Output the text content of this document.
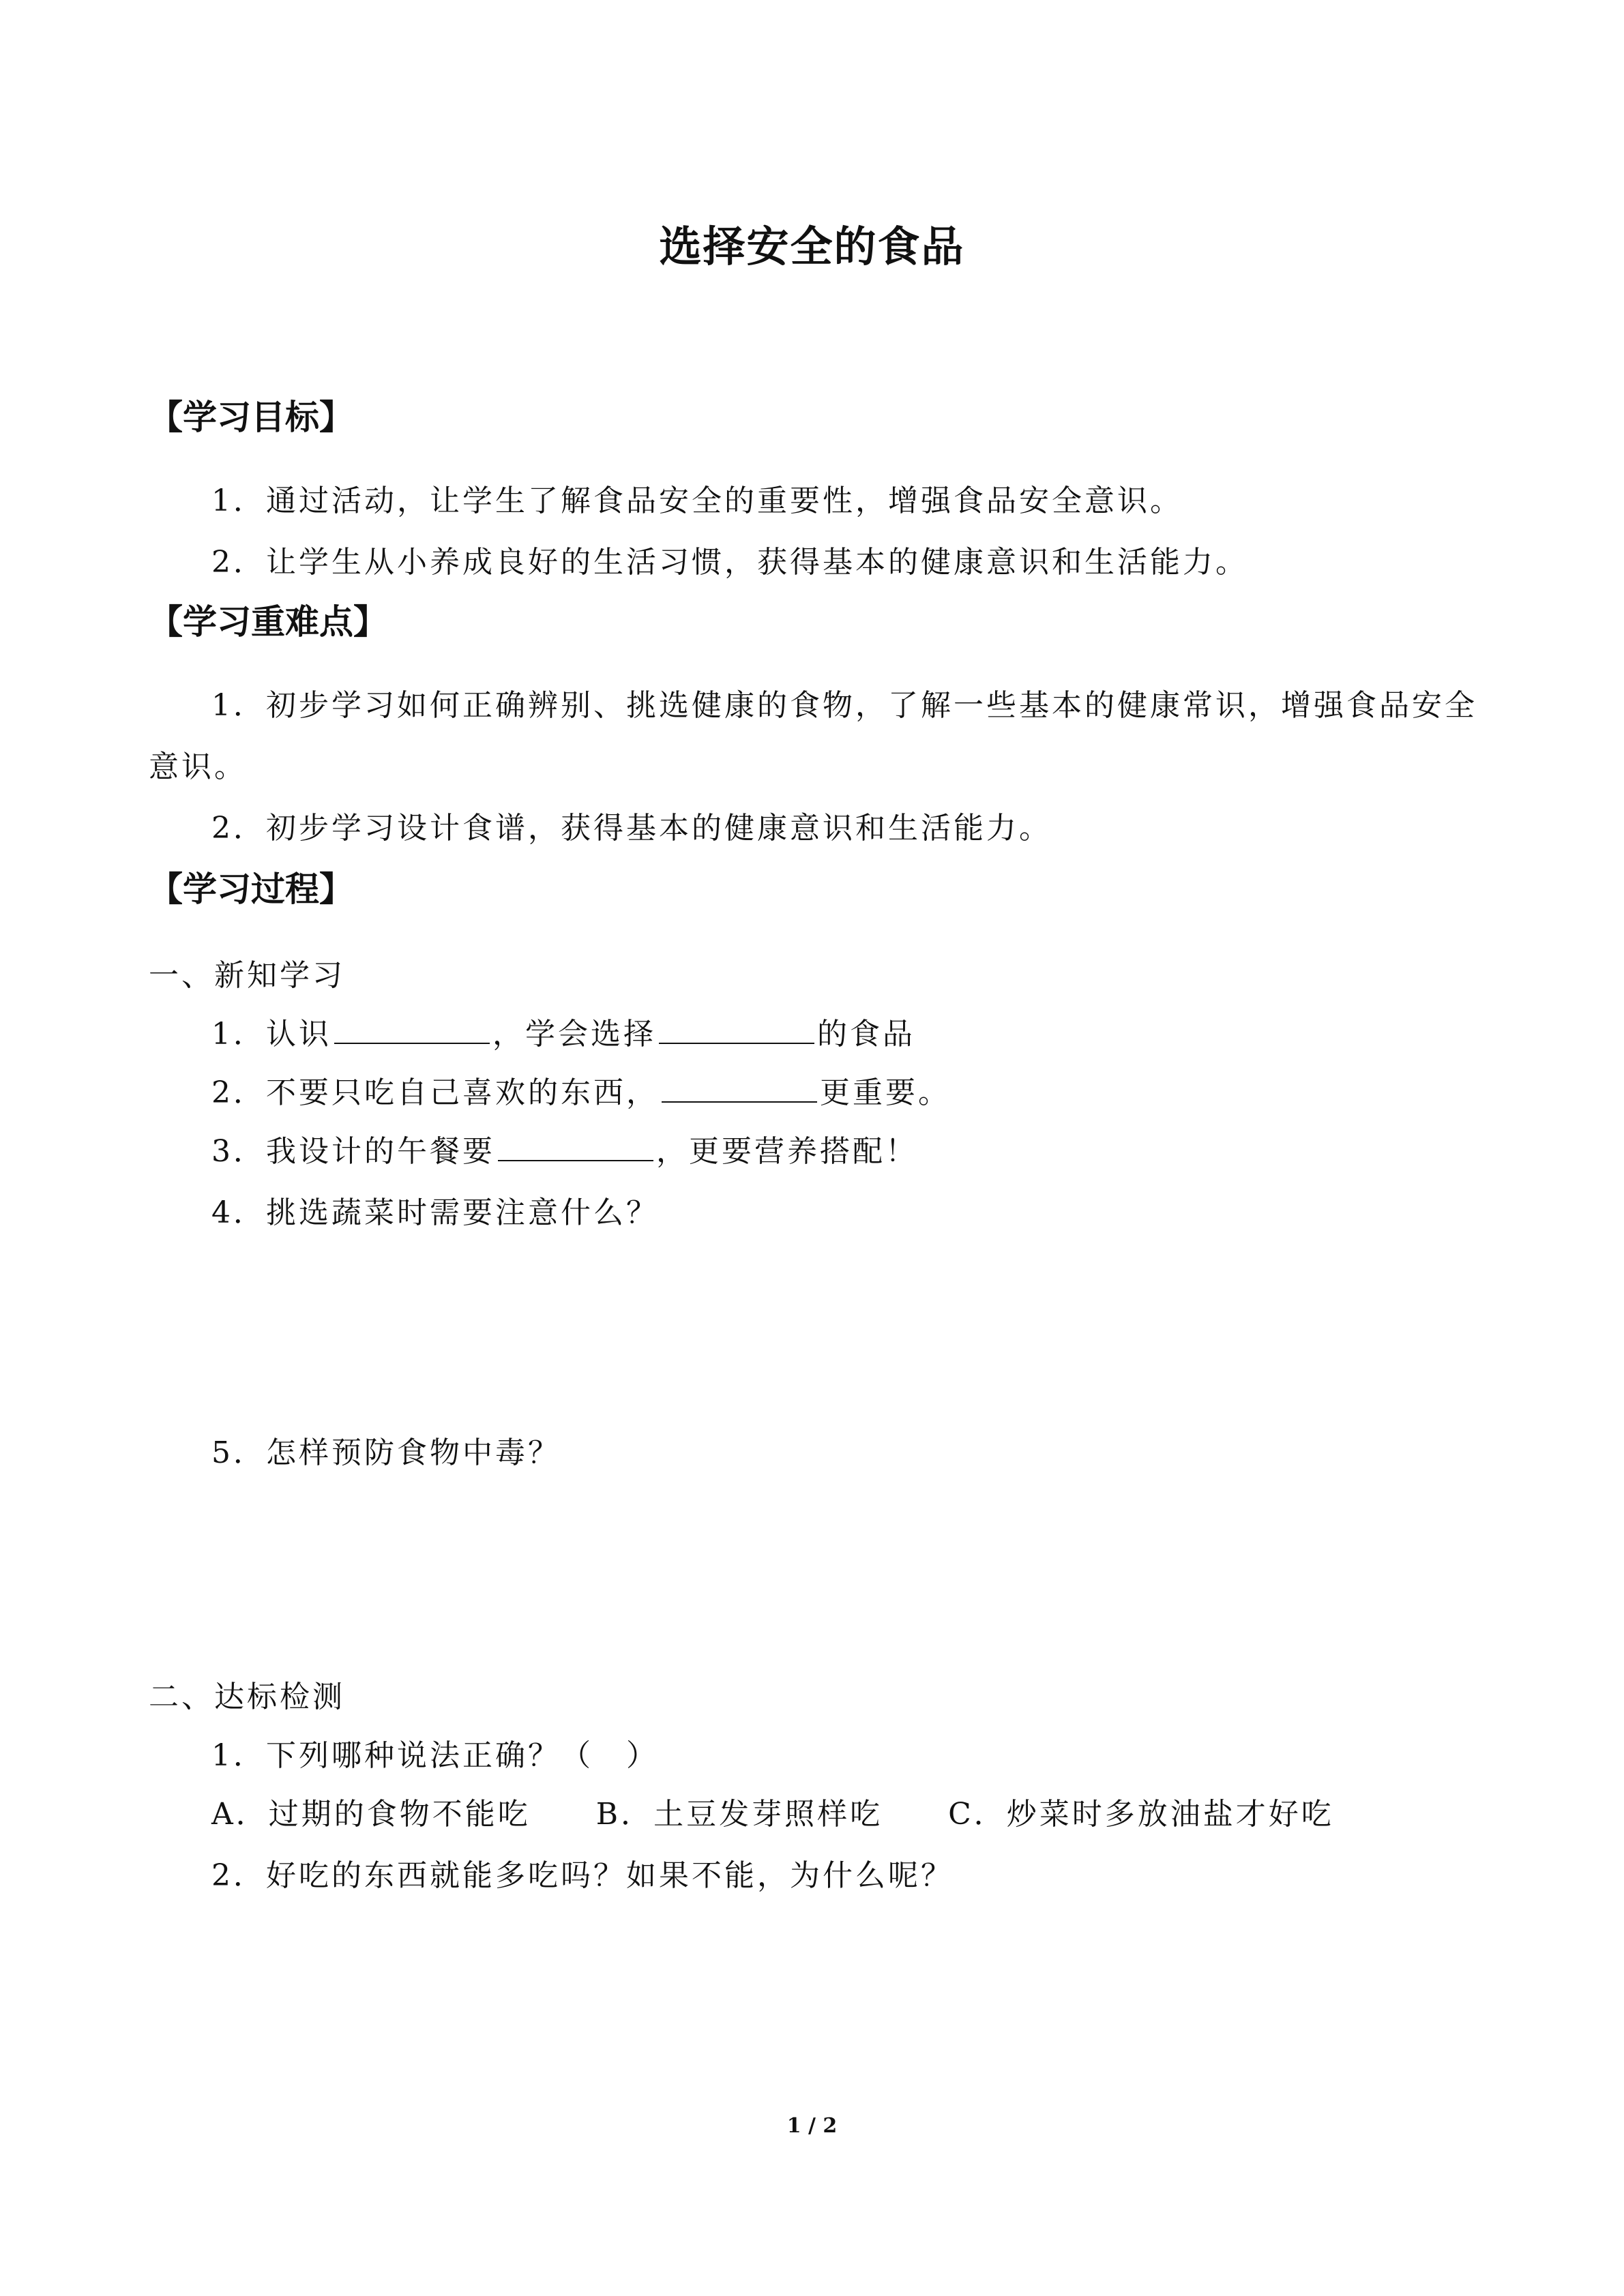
选择安全的食品
【学习目标】
1．通过活动，让学生了解食品安全的重要性，增强食品安全意识。
2．让学生从小养成良好的生活习惯，获得基本的健康意识和生活能力。
【学习重难点】
1．初步学习如何正确辨别、挑选健康的食物，了解一些基本的健康常识，增强食品安全
意识。
2．初步学习设计食谱，获得基本的健康意识和生活能力。
【学习过程】
一、新知学习
1．认识	，学会选择	的食品
2．不要只吃自己喜欢的东西，	更重要。
3．我设计的午餐要	，更要营养搭配！
4．挑选蔬菜时需要注意什么？
5．怎样预防食物中毒？
二、达标检测
1．下列哪种说法正确？（　）
A．过期的食物不能吃　　B．土豆发芽照样吃　　C．炒菜时多放油盐才好吃
2．好吃的东西就能多吃吗？如果不能，为什么呢？
1 / 2
